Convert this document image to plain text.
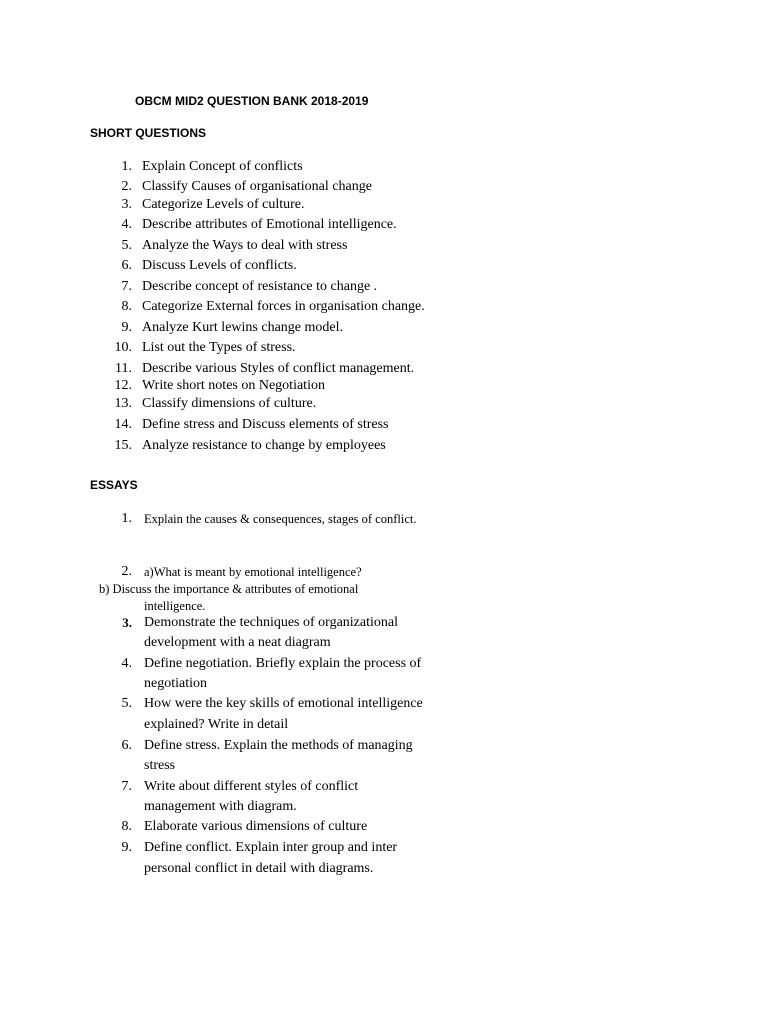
OBCM MID2 QUESTION BANK 2018-2019
SHORT QUESTIONS
1. Explain Concept of conflicts
2. Classify Causes of organisational change
3. Categorize Levels of culture.
4. Describe attributes of Emotional intelligence.
5. Analyze the Ways to deal with stress
6. Discuss Levels of conflicts.
7. Describe concept of resistance to change .
8. Categorize External forces in organisation change.
9. Analyze Kurt lewins change model.
10. List out the Types of stress.
11. Describe various Styles of conflict management.
12. Write short notes on Negotiation
13. Classify dimensions of culture.
14. Define stress and Discuss elements of stress
15. Analyze resistance to change by employees
ESSAYS
1. Explain the causes & consequences, stages of conflict.
2. a)What is meant by emotional intelligence?
b) Discuss the importance & attributes of emotional
intelligence.
3. Demonstrate the techniques of organizational
development with a neat diagram
4. Define negotiation. Briefly explain the process of
negotiation
5. How were the key skills of emotional intelligence
explained? Write in detail
6. Define stress. Explain the methods of managing
stress
7. Write about different styles of conflict
management with diagram.
8. Elaborate various dimensions of culture
9. Define conflict. Explain inter group and inter
personal conflict in detail with diagrams.
